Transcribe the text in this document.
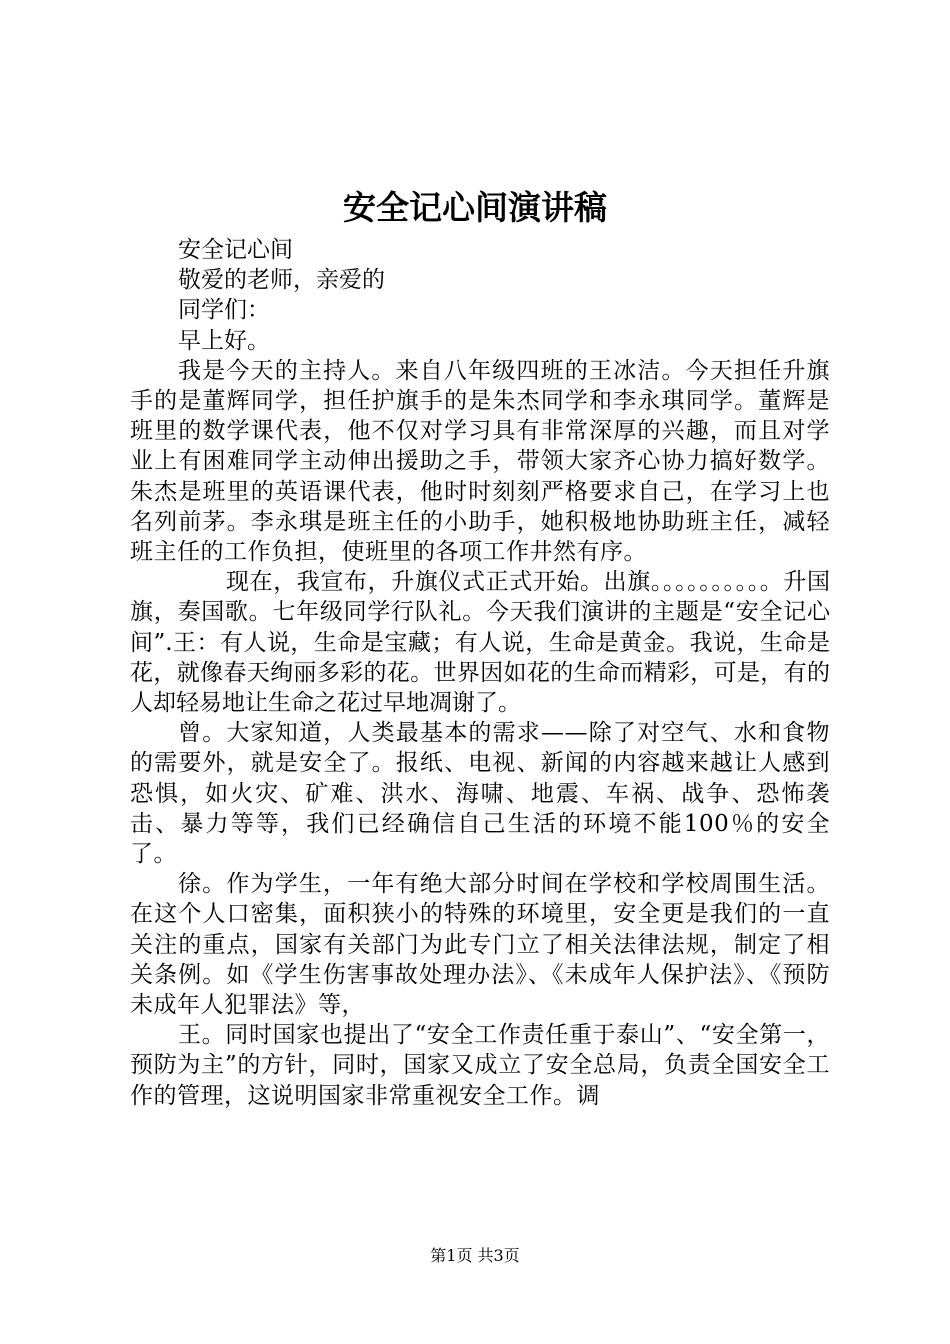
安全记心间演讲稿
安全记心间
敬爱的老师，亲爱的
同学们：
早上好。

我是今天的主持人。来自八年级四班的王冰洁。今天担任升旗手的是董辉同学，担任护旗手的是朱杰同学和李永琪同学。董辉是班里的数学课代表，他不仅对学习具有非常深厚的兴趣，而且对学业上有困难同学主动伸出援助之手，带领大家齐心协力搞好数学。朱杰是班里的英语课代表，他时时刻刻严格要求自己，在学习上也名列前茅。李永琪是班主任的小助手，她积极地协助班主任，减轻班主任的工作负担，使班里的各项工作井然有序。

现在，我宣布，升旗仪式正式开始。出旗。。。。。。。。。。升国旗，奏国歌。七年级同学行队礼。今天我们演讲的主题是“安全记心间”.王：有人说，生命是宝藏；有人说，生命是黄金。我说，生命是花，就像春天绚丽多彩的花。世界因如花的生命而精彩，可是，有的人却轻易地让生命之花过早地凋谢了。

曾。大家知道，人类最基本的需求——除了对空气、水和食物的需要外，就是安全了。报纸、电视、新闻的内容越来越让人感到恐惧，如火灾、矿难、洪水、海啸、地震、车祸、战争、恐怖袭击、暴力等等，我们已经确信自己生活的环境不能100％的安全了。

徐。作为学生，一年有绝大部分时间在学校和学校周围生活。在这个人口密集，面积狭小的特殊的环境里，安全更是我们的一直关注的重点，国家有关部门为此专门立了相关法律法规，制定了相关条例。如《学生伤害事故处理办法》、《未成年人保护法》、《预防未成年人犯罪法》等，

王。同时国家也提出了“安全工作责任重于泰山”、“安全第一，预防为主”的方针，同时，国家又成立了安全总局，负责全国安全工作的管理，这说明国家非常重视安全工作。调

第1页 共3页
